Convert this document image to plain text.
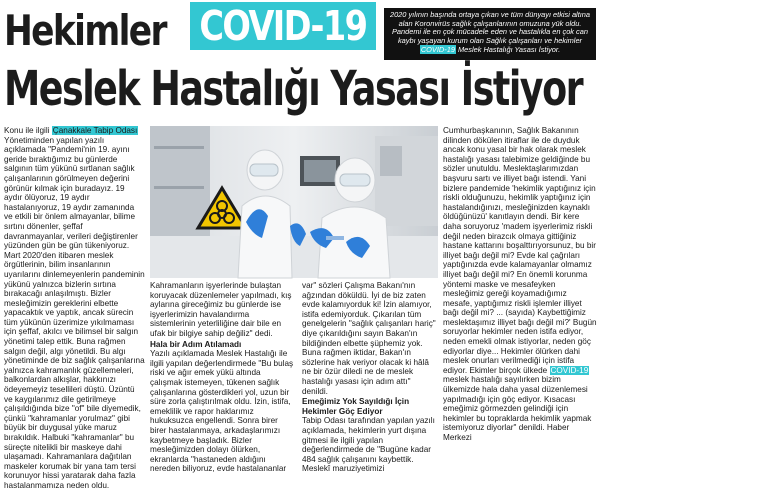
Hekimler COVID-19
Meslek Hastalığı Yasası İstiyor
2020 yılının başında ortaya çıkan ve tüm dünyayı etkisi altına alan Koronvirüs sağlık çalışanlarının omuzuna yük oldu. Pandemi ile en çok mücadele eden ve hastalıkla en çok can kaybı yaşayan kurum olan Sağlık çalışanları ve hekimler COVID-19 Meslek Hastalığı Yasası İstiyor.

Konu ile ilgili Çanakkale Tabip Odası Yönetiminden yapılan yazılı açıklamada "Pandemi'nin 19. ayını geride bıraktığımız bu günlerde salgının tüm yükünü sırtlanan sağlık çalışanlarının görülmeyen değerini görünür kılmak için buradayız. 19 aydır ölüyoruz, 19 aydır hastalanıyoruz, 19 aydır zamanında ve etkili bir önlem almayanlar, bilime sırtını dönenler, şeffaf davranmayanlar, verileri değiştirenler yüzünden gün be gün tükeniyoruz. Mart 2020'den itibaren meslek örgütlerinin, bilim insanlarının uyarılarını dinlemeyenlerin pandeminin yükünü yalnızca bizlerin sırtına bırakacağı anlaşılmıştı. Bizler mesleğimizin gereklerini elbette yapacaktık ve yaptık, ancak sürecin tüm yükünün üzerimize yıkılmaması için şeffaf, akılcı ve bilimsel bir salgın yönetimi talep ettik. Buna rağmen salgın değil, algı yönetildi. Bu algı yönetiminde de biz sağlık çalışanlarına yalnızca kahramanlık güzellemeleri, balkonlardan alkışlar, hakkınızı ödeyemeyiz tesellileri düştü. Üzüntü ve kaygılarımız dile getirilmeye çalışıldığında bize "of" bile diyemedik, çünkü "kahramanlar yorulmaz" gibi büyük bir duygusal yüke maruz bırakıldık. Halbuki "kahramanlar" bu süreçte nitelikli bir maskeye dahi ulaşamadı. Kahramanlara dağıtılan maskeler korumak bir yana tam tersi korunuyor hissi yaratarak daha fazla hastalanmamıza neden oldu.

Kahramanların işyerlerinde bulaştan koruyacak düzenlemeler yapılmadı, kış aylarına gireceğimiz bu günlerde ise işyerlerimizin havalandırma sistemlerinin yeterliliğine dair bile en ufak bir bilgiye sahip değiliz" dedi.

Hala bir Adım Atılamadı

Yazılı açıklamada Meslek Hastalığı ile ilgili yapılan değerlendirmede "Bu bulaş riski ve ağır emek yükü altında çalışmak istemeyen, tükenen sağlık çalışanlarına gösterdikleri yol, uzun bir süre zorla çalıştırılmak oldu. İzin, istifa, emeklilik ve rapor haklarımız hukuksuzca engellendi. Sonra birer birer hastalanmaya, arkadaşlarımızı kaybetmeye başladık. Bizler mesleğimizden dolayı ölürken, ekranlarda "hastaneden aldığını nereden biliyoruz, evde hastalananlar

var" sözleri Çalışma Bakanı'nın ağzından döküldü. İyi de biz zaten evde kalamıyorduk ki! İzin alamıyor, istifa edemiyorduk. Çıkarılan tüm genelgelerin "sağlık çalışanları hariç" diye çıkarıldığını sayın Bakan'ın bildiğinden elbette şüphemiz yok. Buna rağmen iktidar, Bakan'ın sözlerine hak veriyor olacak ki hâlâ ne bir özür diledi ne de meslek hastalığı yasası için adım attı" denildi.

Emeğimiz Yok Sayıldığı İçin Hekimler Göç Ediyor

Tabip Odası tarafından yapılan yazılı açıklamada, hekimlerin yurt dışına gitmesi ile ilgili yapılan değerlendirmede de "Bugüne kadar 484 sağlık çalışanını kaybettik. Meslekî maruziyetimizi

Cumhurbaşkanının, Sağlık Bakanının dilinden dökülen itiraflar ile de duyduk ancak konu yasal bir hak olarak meslek hastalığı yasası talebimize geldiğinde bu sözler unutuldu. Meslektaşlarımızdan başvuru sartı ve illiyet bağı istendi. Yani bizlere pandemide 'hekimlik yaptığınız için riskli olduğunuzu, hekimlik yaptığınız için hastalandığınızı, mesleğinizden kaynaklı öldüğünüzü' kanıtlayın dendi. Bir kere daha soruyoruz 'madem işyerlerimiz riskli değil neden birazcık olmaya gittiğiniz hastane kattarını boşalttırıyorsunuz, bu bir illiyet bağı değil mi? Evde kal çağrıları yaptığınızda evde kalamayanlar olmamız illiyet bağı değil mi? En önemli korunma yöntemi maske ve mesafeyken mesleğimiz gereği koyamadığımız mesafe, yaptığımız riskli işlemler illiyet bağı değil mi? ... (sayıda) Kaybettiğimiz meslektaşımız illiyet bağı değil mi?' Bugün soruyorlar hekimler neden istifa ediyor, neden emekli olmak istiyorlar, neden göç ediyorlar diye... Hekimler ölürken dahi meslek onurları verilmediği için istifa ediyor. Ekimler birçok ülkede COVID-19 meslek hastalığı sayılırken bizim ülkemizde hala daha yasal düzenlemesi yapılmadığı için göç ediyor. Kısacası emeğimiz görmezden gelindiği için hekimler bu topraklarda hekimlik yapmak istemiyoruz diyorlar" denildi. Haber Merkezi
